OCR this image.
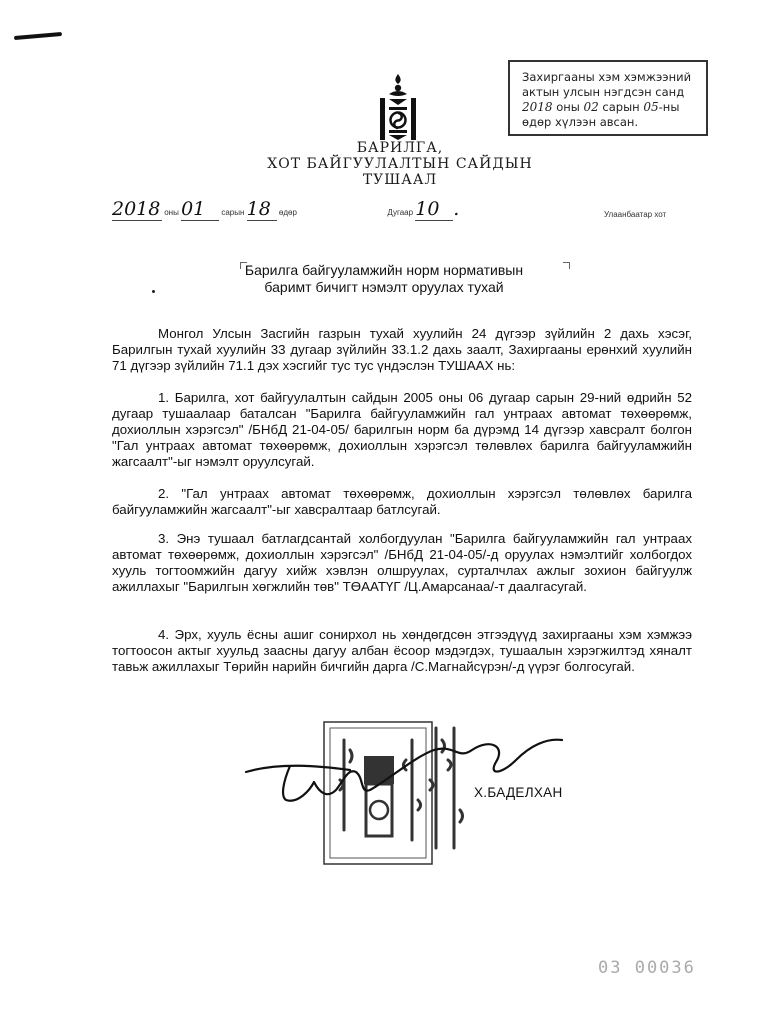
БАРИЛГА,
ХОТ БАЙГУУЛАЛТЫН САЙДЫН
ТУШААЛ
Захиргааны хэм хэмжээний
актын улсын нэгдсэн санд
2018 оны 02 сарын 05-ны
өдөр хүлээн авсан.
2018 оны 01 сарын 18 өдөр	Дугаар 10 .	Улаанбаатар хот
Барилга байгууламжийн норм нормативын
баримт бичигт нэмэлт оруулах тухай
Монгол Улсын Засгийн газрын тухай хуулийн 24 дүгээр зүйлийн 2 дахь хэсэг, Барилгын тухай хуулийн 33 дугаар зүйлийн 33.1.2 дахь заалт, Захиргааны ерөнхий хуулийн 71 дүгээр зүйлийн 71.1 дэх хэсгийг тус тус үндэслэн ТУШААХ нь:
1. Барилга, хот байгуулалтын сайдын 2005 оны 06 дугаар сарын 29-ний өдрийн 52 дугаар тушаалаар баталсан "Барилга байгууламжийн гал унтраах автомат төхөөрөмж, дохиоллын хэрэгсэл" /БНбД 21-04-05/ барилгын норм ба дүрэмд 14 дүгээр хавсралт болгон "Гал унтраах автомат төхөөрөмж, дохиоллын хэрэгсэл төлөвлөх барилга байгууламжийн жагсаалт"-ыг нэмэлт оруулсугай.
2. "Гал унтраах автомат төхөөрөмж, дохиоллын хэрэгсэл төлөвлөх барилга байгууламжийн жагсаалт"-ыг хавсралтаар батлсугай.
3. Энэ тушаал батлагдсантай холбогдуулан "Барилга байгууламжийн гал унтраах автомат төхөөрөмж, дохиоллын хэрэгсэл" /БНбД 21-04-05/-д оруулах нэмэлтийг холбогдох хууль тогтоомжийн дагуу хийж хэвлэн олшруулах, сурталчлах ажлыг зохион байгуулж ажиллахыг "Барилгын хөгжлийн төв" ТӨААТҮГ /Ц.Амарсанаа/-т даалгасугай.
4. Эрх, хууль ёсны ашиг сонирхол нь хөндөгдсөн этгээдүүд захиргааны хэм хэмжээ тогтоосон актыг хуульд заасны дагуу албан ёсоор мэдэгдэх, тушаалын хэрэгжилтэд хяналт тавьж ажиллахыг Төрийн нарийн бичгийн дарга /С.Магнайсүрэн/-д үүрэг болгосугай.
Х.БАДЕЛХАН
03 00036
